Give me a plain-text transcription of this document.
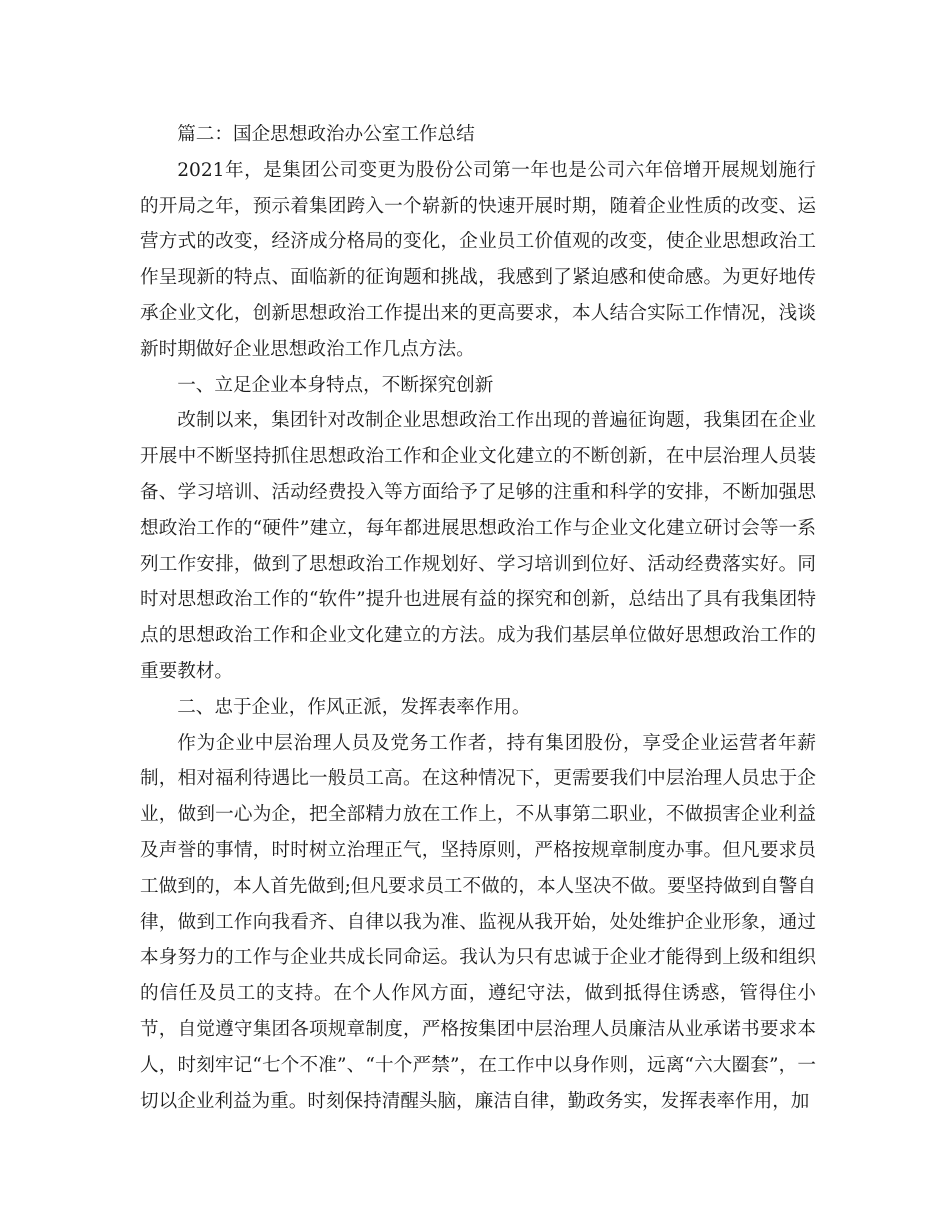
篇二：国企思想政治办公室工作总结

2021年，是集团公司变更为股份公司第一年也是公司六年倍增开展规划施行的开局之年，预示着集团跨入一个崭新的快速开展时期，随着企业性质的改变、运营方式的改变，经济成分格局的变化，企业员工价值观的改变，使企业思想政治工作呈现新的特点、面临新的征询题和挑战，我感到了紧迫感和使命感。为更好地传承企业文化，创新思想政治工作提出来的更高要求，本人结合实际工作情况，浅谈新时期做好企业思想政治工作几点方法。

一、立足企业本身特点，不断探究创新

改制以来，集团针对改制企业思想政治工作出现的普遍征询题，我集团在企业开展中不断坚持抓住思想政治工作和企业文化建立的不断创新，在中层治理人员装备、学习培训、活动经费投入等方面给予了足够的注重和科学的安排，不断加强思想政治工作的“硬件”建立，每年都进展思想政治工作与企业文化建立研讨会等一系列工作安排，做到了思想政治工作规划好、学习培训到位好、活动经费落实好。同时对思想政治工作的“软件”提升也进展有益的探究和创新，总结出了具有我集团特点的思想政治工作和企业文化建立的方法。成为我们基层单位做好思想政治工作的重要教材。

二、忠于企业，作风正派，发挥表率作用。

作为企业中层治理人员及党务工作者，持有集团股份，享受企业运营者年薪制，相对福利待遇比一般员工高。在这种情况下，更需要我们中层治理人员忠于企业，做到一心为企，把全部精力放在工作上，不从事第二职业，不做损害企业利益及声誉的事情，时时树立治理正气，坚持原则，严格按规章制度办事。但凡要求员工做到的，本人首先做到;但凡要求员工不做的，本人坚决不做。要坚持做到自警自律，做到工作向我看齐、自律以我为准、监视从我开始，处处维护企业形象，通过本身努力的工作与企业共成长同命运。我认为只有忠诚于企业才能得到上级和组织的信任及员工的支持。在个人作风方面，遵纪守法，做到抵得住诱惑，管得住小节，自觉遵守集团各项规章制度，严格按集团中层治理人员廉洁从业承诺书要求本人，时刻牢记“七个不准”、“十个严禁”，在工作中以身作则，远离“六大圈套”，一切以企业利益为重。时刻保持清醒头脑，廉洁自律，勤政务实，发挥表率作用，加
